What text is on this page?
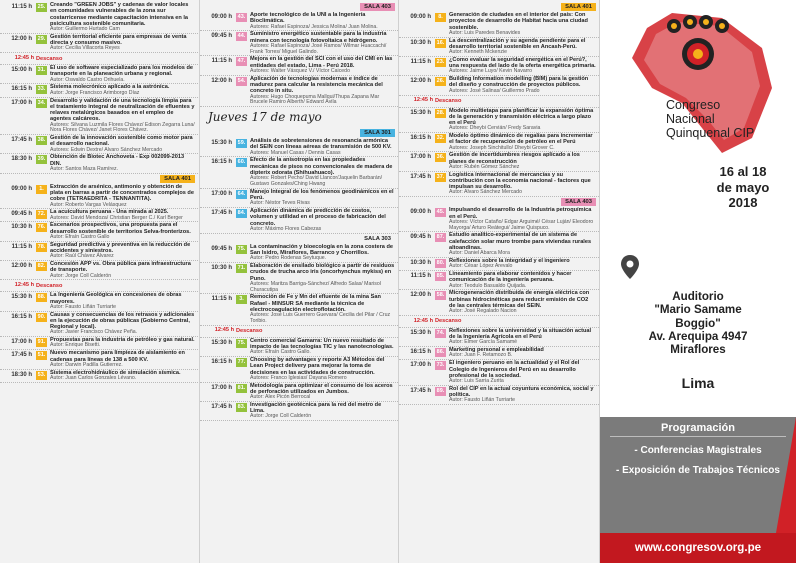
11:15 h	25. Creando "GREEN JOBS" y cadenas de valor locales en comunidades vulnerables de la zona sur costarricense mediante capacitación intensiva en la psicicultura sostenible comunitaria.
Autor: Guillermo Hurtado Cam
12:00 h	29. Gestión territorial eficiente para empresas de venta directa y consumo masivo.
Autor: Cecilia Villacorta Reyes
12:45 h Descanso
15:00 h	31. El uso de software especializado para los modelos de transporte en la planeación urbana y regional.
Autor: Oswaldo Castro Orihuela.
16:15 h	33. Sistema molecrónico aplicado a la astrónica.
Autor: Jorge Francisco Arimborgo Díaz
17:00 h	34. Desarrollo y validación de una tecnología limpia para el tratamiento integral de neutralización de efluentes y relaves metalúrgicos basados en el empleo de agentes calcáreos.
Autores: Silvana Luzmila Flores Chávez/ Edison Zegarra Luna/ Nora Flores Chávez/ Janet Flores Chávez.
17:45 h	38. Gestión de la innovación sostenible como motor para el desarrollo nacional.
Autores: Edwin Dextre/ Alvaro Sánchez Mercado
18:30 h	39. Obtención de Biotec Anchoveta - Exp 002099-2013 DIN.
Autor: Santos Maza Ramírez.
SALA 401
09:00 h	1.	Extracción de arsénico, antimonio y obtención de plata en barras a partir de concentrados complejos de cobre (TETRAEDRITA - TENNANTITA).
Autor: Roberto Vargas Velásquez
09:45 h	72. La acuicultura peruana - Una mirada al 2025.
Autores: David Mendoza/ Christian Berger C./ Karl Berger
10:30 h	76. Escenarios prospectivos, una propuesta para el desarrollo sostenible de territorios Selva-fronterizos.
Autor: Efraín Castro Gallo
11:15 h	78. Seguridad predictiva y preventiva en la reducción de accidentes y siniestros.
Autor: Raúl Chávez Álvarez
12:00 h	82. Concesión APP vs. Obra pública para infraestructura de transporte.
Autor: Jorge Coll Calderón
12:45 h Descanso
15:30 h	88. La Ingeniería Geológica en concesiones de obras mayores.
Autor: Fausto Liñán Turriarte
16:15 h	90. Causas y consecuencias de los retrasos y adicionales en la ejecución de obras públicas (Gobierno Central, Regional y local).
Autor: Javier Francisco Chávez Peña.
17:00 h	91. Propuestas para la industria de petróleo y gas natural.
Autor: Enrique Bisetti.
17:45 h	51. Nuevo mecanismo para limpieza de aislamiento en cadenas para líneas de 138 a 500 KV.
Autor: Darwin Padilla Gutierrez.
18:30 h	53. Sistema electrohidráulico de simulación sísmica.
Autor: Juan Carlos Gonzales Lévano.
SALA 403
09:00 h	43. Aporte tecnológico de la UNI a la Ingeniería Bioclimática.
Autores: Rafael Espinoza/ Jessica Molina/ Juan Molina.
09:45 h	44. Suministro energético sustentable para la industria minera con tecnología fotovoltaica e hidrógeno.
Autores: Rafael Espinoza/ José Ramos/ Wilmar Huaccachi/ Frank Torres/ Miguel Galindo.
11:15 h	47. Mejora en la gestión del SCI con el uso del CMI en las entidades del estado, Lima - Perú 2018.
Autores: Walter Vásquez V./ Víctor Caicedo
12:00 h	54. Aplicación de tecnologías modernas e índice de madurez para calcular la resistencia mecánica del concreto in situ.
Autores: Hugo Choquepuma Mallqui/Thupa Zapana Mar Brucele Ramiro Alberth/ Edward Ávila
Jueves 17 de mayo
SALA 301
15:30 h	59. Análisis de sobretensiones de resonancia armónica del SEIN con líneas aéreas de transmisión de 500 KV.
Autores: Manuel Casas / Dennis Casas
16:15 h	60. Efecto de la anisotropía en las propiedades mecánicas de pisos no convencionales de madera de dipterix odorata (Shihuahuaco).
Autores: Robert Pecho/ David Llancor/Jaquelin Barbarán/ Gustavo Gonzales/Ching Hwang
17:00 h	64. Manejo Integral de los fenómenos geodinámicos en el Perú.
Autor: Néstor Teves Rivas
17:45 h	84. Aplicación dinámica de predicción de costos, volumen y utilidad en el proceso de fabricación del concreto.
Autor: Máximo Flores Cabezas
SALA 303
09:45 h	75. La contaminación y bioecología en la zona costera de San Isidro, Miraflores, Barranco y Chorrillos.
Autor: Pedro Rodenas Seytuque.
10:30 h	71. Elaboración de ensilado biológico a partir de residuos crudos de trucha arco iris (oncorhynchus mykiss) en Puno.
Autores: Maritza Barriga-Sánchez/ Alfredo Salas/ Marisol Churacutipa
11:15 h	3.	Remoción de Fe y Mn del efluente de la mina San Rafael - MINSUR SA mediante la técnica de electrocoagulación electroflotación.
Autores: José Luis Guerrero Guevara/ Cecilia del Pilar / Cruz Toribio.
12:45 h Descanso
15:30 h	75. Centro comercial Gamarra: Un nuevo resultado de impacto de las tecnologías TIC y las nanotecnologías.
Autor: Efraín Castro Gallo.
16:15 h	77. Choosing by advantages y reporte A3 Métodos del Lean Project delivery para mejorar la toma de decisiones en las actividades de construcción.
Autores: Franco Iglesias/ Dayana Romero
17:00 h	81. Metodología para optimizar el consumo de los aceros de perforación utilizados en Jumbos.
Autor: Alex Picón Berrocal
17:45 h	83. Investigación geotécnica para la red del metro de Lima.
Autor: Jorge Coll Calderón
SALA 401
09:00 h	8.	Generación de ciudades en el interior del país: Con proyectos de desarrollo de Habitat hacia una ciudad sostenible.
Autor: Luis Paredes Benavides
10:30 h	16. La descentralización y su agenda pendiente para el desarrollo territorial sostenible en Ancash-Perú.
Autor: Kenneth Mckenzie
11:15 h	23. ¿Como evaluar la seguridad energética en el Perú?, una respuesta del lado de la oferta energética primaria.
Autores: Jaime Luyo/ Kevin Navarro
12:00 h	26. Building Information modelling (BIM) para la gestión del diseño y construcción de proyectos públicos.
Autores: José Salinas/ Guillermo Prado
12:45 h Descanso
15:30 h	28. Modelo multietapa para planificar la expansión óptima de la generación y transmisión eléctrica a largo plazo en el Perú
Autores: Dheybi Cervián/ Fredy Saravia
16:15 h	32. Modelo óptimo dinámico de regalías para incrementar el factor de recuperación de petróleo en el Perú
Autores: Joseph Sinchitullo/ Dheybi Grover C.
17:00 h	36. Gestión de incertidumbres riesgos aplicado a los planes de reconstrucción
Autor: Rubén Gómez Sánchez
17:45 h	37. Logística internacional de mercancías y su contribución con la economía nacional - factores que impulsan su desarrollo.
Autor: Alvaro Sánchez Mercado
SALA 403
09:00 h	45. Impulsando el desarrollo de la Industria petroquímica en el Perú.
Autores: Víctor Cataño/ Edgar Arguimé/ César Luján/ Eleodoro Mayorga/ Arturo Reátegui/ Jaime Quispuco.
09:45 h	87. Estudio analítico-experimental de un sistema de calefacción solar muro trombe para viviendas rurales altoandinas.
Autor: Daniel Abarca Mora
10:30 h	80. Reflexiones sobre la integridad y el ingeniero
Autor: César López Arevalo
11:15 h	85. Lineamiento para elaborar contenidos y hacer comunicación de la ingeniería peruana.
Autor: Teodulo Basualdo Quijada.
12:00 h	58. Microgeneración distribuida de energía eléctrica con turbinas hidrocinéticas para reducir emisión de CO2 de las centrales térmicas del SEIN.
Autor: José Regalado Nacion
12:45 h Descanso
15:30 h	74. Reflexiones sobre la universidad y la situación actual de la Ingeniería Agrícola en el Perú
Autor: Elmer García Samamé
16:15 h	86. Marketing personal e empleabilidad
Autor: Juan F. Retamozo B.
17:00 h	73. El ingeniero peruano en la actualidad y el Rol del Colegio de Ingenieros del Perú en su desarrollo profesional de la sociedad.
Autor: Luis Sarria Zurita
17:45 h	89. Rol del CIP en la actual coyuntura económica, social y política.
Autor: Fausto Liñán Turriarte
Congreso
Nacional
Quinquenal CIP
16 al 18
de mayo
2018
Auditorio
"Mario Samame
Boggio"
Av. Arequipa 4947
Miraflores
Lima
Programación
- Conferencias Magistrales
- Exposición de Trabajos Técnicos
www.congresov.org.pe
